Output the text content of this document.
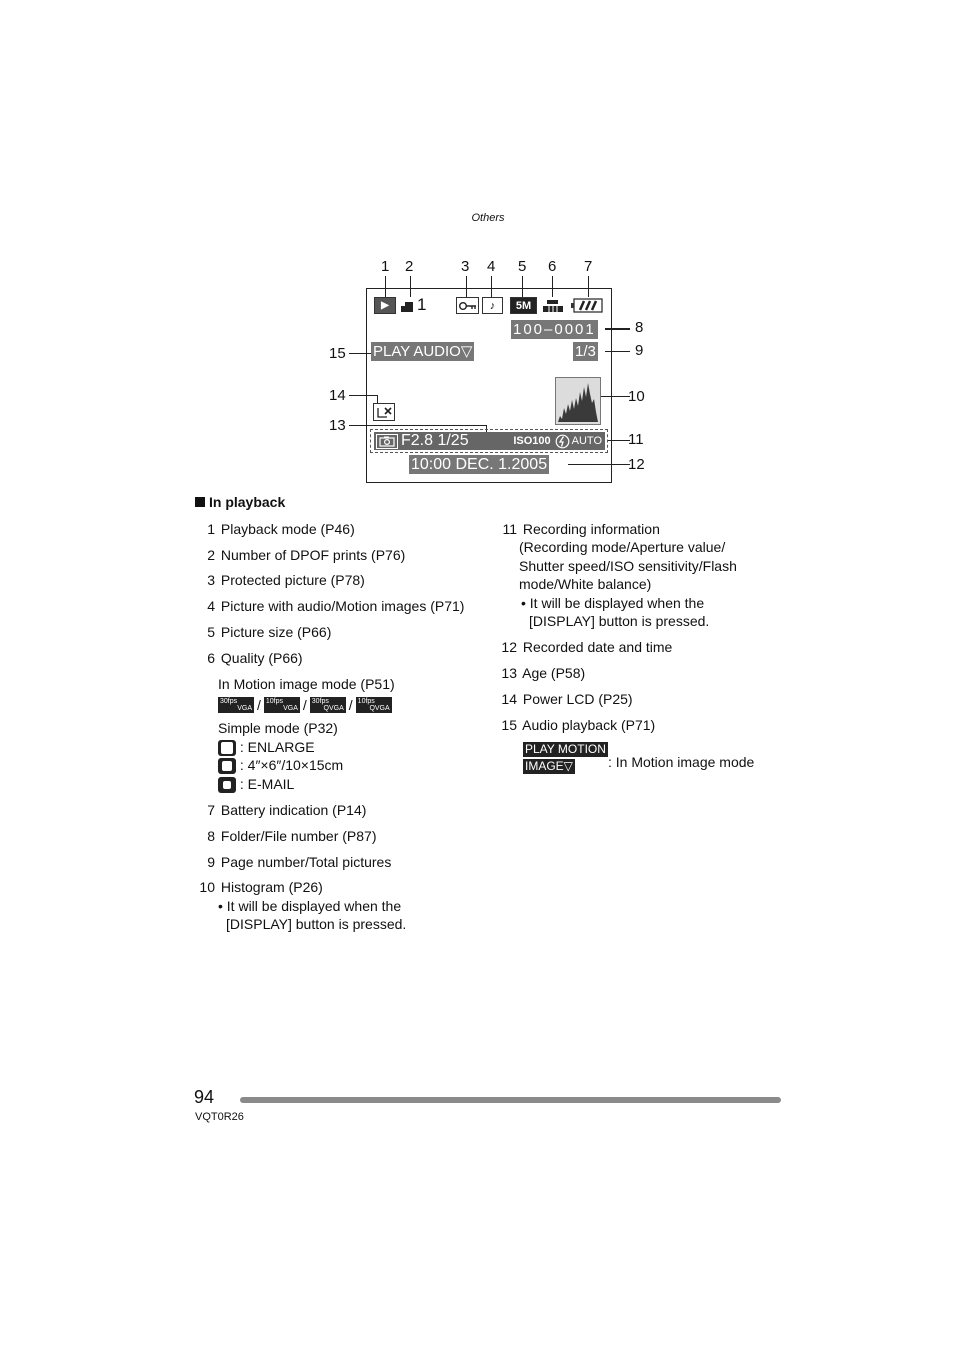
Others
1 2	3 4 5 6 7
▶	1	♪	5M
100–0001	8
15 PLAY AUDIO▽	1/3	9
14	10
13
F2.8 1/25	ISO100 AUTO 11
10:00 DEC. 1.2005	12
In playback
1 Playback mode (P46)
2 Number of DPOF prints (P76)
3 Protected picture (P78)
4 Picture with audio/Motion images (P71)
5 Picture size (P66)
6 Quality (P66)
In Motion image mode (P51)
30fps
VGA / 10fps
VGA / 30fps
QVGA / 10fps
QVGA
Simple mode (P32)
: ENLARGE
: 4″×6″/10×15cm
: E-MAIL
7 Battery indication (P14)
8 Folder/File number (P87)
9 Page number/Total pictures
10 Histogram (P26)
• It will be displayed when the
[DISPLAY] button is pressed.
11 Recording information
(Recording mode/Aperture value/
Shutter speed/ISO sensitivity/Flash
mode/White balance)
• It will be displayed when the
[DISPLAY] button is pressed.
12 Recorded date and time
13 Age (P58)
14 Power LCD (P25)
15 Audio playback (P71)
PLAY MOTION
IMAGE▽	: In Motion image mode
94
VQT0R26
